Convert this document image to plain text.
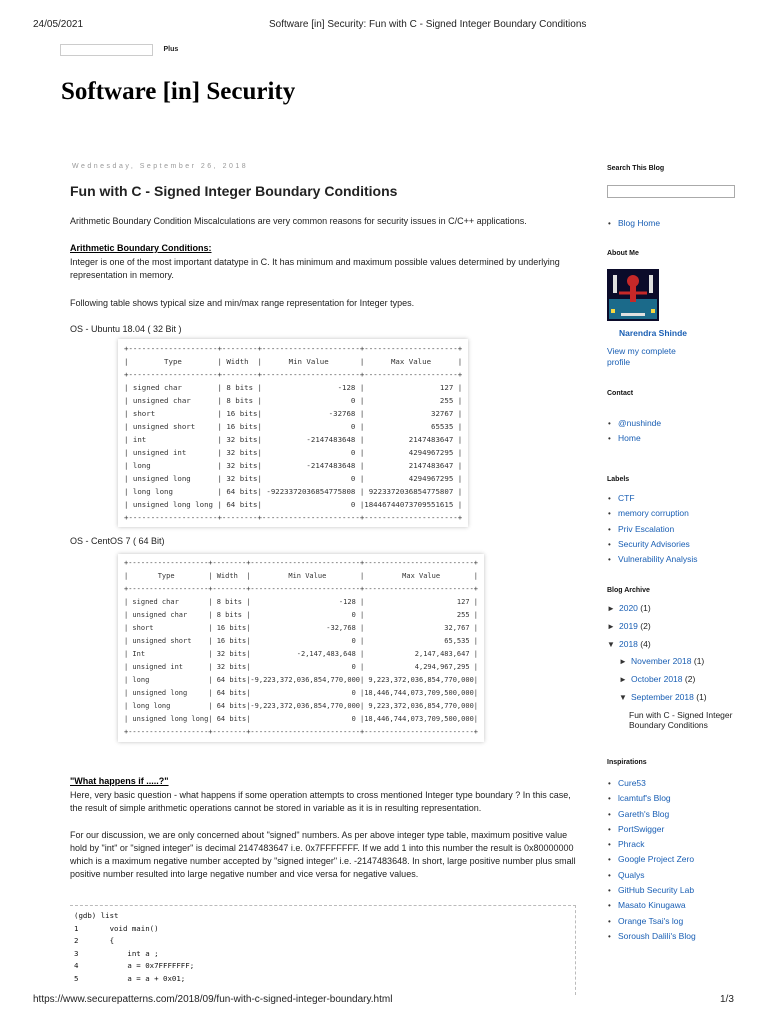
24/05/2021	Software [in] Security: Fun with C - Signed Integer Boundary Conditions
Plus
Software [in] Security
Wednesday, September 26, 2018
Fun with C - Signed Integer Boundary Conditions
Arithmetic Boundary Condition Miscalculations are very common reasons for security issues in C/C++ applications.
Arithmetic Boundary Conditions:
Integer is one of the most important datatype in C. It has minimum and maximum possible values determined by underlying representation in memory.
Following table shows typical size and min/max range representation for Integer types.
OS - Ubuntu 18.04 ( 32 Bit )
+--------------------+--------+----------------------+---------------------+
|        Type        | Width  |      Min Value       |      Max Value      |
+--------------------+--------+----------------------+---------------------+
| signed char        | 8 bits |                 -128 |                 127 |
| unsigned char      | 8 bits |                    0 |                 255 |
| short              | 16 bits|               -32768 |               32767 |
| unsigned short     | 16 bits|                    0 |               65535 |
| int                | 32 bits|          -2147483648 |          2147483647 |
| unsigned int       | 32 bits|                    0 |          4294967295 |
| long               | 32 bits|          -2147483648 |          2147483647 |
| unsigned long      | 32 bits|                    0 |          4294967295 |
| long long          | 64 bits| -9223372036854775808 | 9223372036854775807 |
| unsigned long long | 64 bits|                    0 |18446744073709551615 |
+--------------------+--------+----------------------+---------------------+
OS - CentOS 7 ( 64 Bit)
+-------------------+--------+--------------------------+--------------------------+
|       Type        | Width  |         Min Value        |         Max Value        |
+-------------------+--------+--------------------------+--------------------------+
| signed char       | 8 bits |                     -128 |                      127 |
| unsigned char     | 8 bits |                        0 |                      255 |
| short             | 16 bits|                  -32,768 |                   32,767 |
| unsigned short    | 16 bits|                        0 |                   65,535 |
| Int               | 32 bits|           -2,147,483,648 |            2,147,483,647 |
| unsigned int      | 32 bits|                        0 |            4,294,967,295 |
| long              | 64 bits|-9,223,372,036,854,770,000| 9,223,372,036,854,770,000|
| unsigned long     | 64 bits|                        0 |18,446,744,073,709,500,000|
| long long         | 64 bits|-9,223,372,036,854,770,000| 9,223,372,036,854,770,000|
| unsigned long long| 64 bits|                        0 |18,446,744,073,709,500,000|
+-------------------+--------+--------------------------+--------------------------+
"What happens if .....?"
Here, very basic question - what happens if some operation attempts to cross mentioned Integer type boundary ? In this case, the result of simple arithmetic operations cannot be stored in variable as it is in resulting representation.
For our discussion, we are only concerned about "signed" numbers. As per above integer type table, maximum positive value hold by "int" or "signed integer" is decimal 2147483647 i.e. 0x7FFFFFFF. If we add 1 into this number the result is 0x80000000 which is a maximum negative number accepted by "signed integer" i.e. -2147483648. In short, large positive number plus small positive number resulted into large negative number and vice versa for negative values.
(gdb) list
1       void main()
2       {
3           int a ;
4           a = 0x7FFFFFFF;
5           a = a + 0x01;
Search This Blog
• Blog Home
About Me
Narendra Shinde
View my complete profile
Contact
• @nushinde
• Home
Labels
• CTF
• memory corruption
• Priv Escalation
• Security Advisories
• Vulnerability Analysis
Blog Archive
► 2020 (1)
► 2019 (2)
▼ 2018 (4)
► November 2018 (1)
► October 2018 (2)
▼ September 2018 (1)
Fun with C - Signed Integer Boundary Conditions
Inspirations
• Cure53
• lcamtuf's Blog
• Gareth's Blog
• PortSwigger
• Phrack
• Google Project Zero
• Qualys
• GitHub Security Lab
• Masato Kinugawa
• Orange Tsai's log
• Soroush Dalili's Blog
https://www.securepatterns.com/2018/09/fun-with-c-signed-integer-boundary.html	1/3
